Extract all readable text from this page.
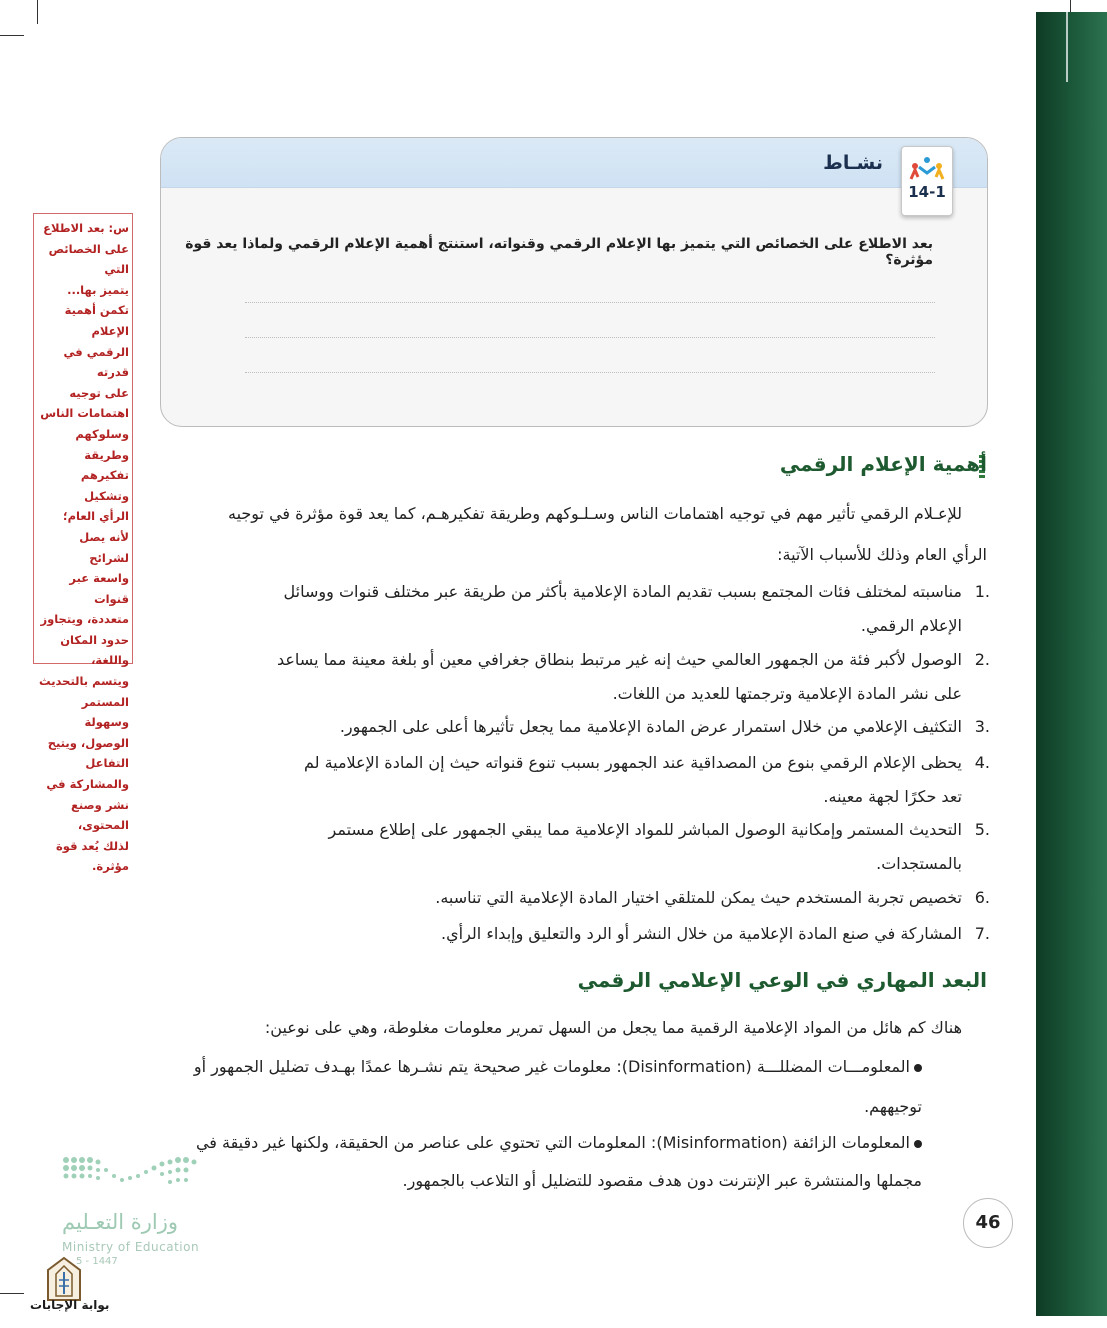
نشـاط
14-1
بعد الاطلاع على الخصائص التي يتميز بها الإعلام الرقمي وقنواته، استنتج أهمية الإعلام الرقمي ولماذا يعد قوة مؤثرة؟
س: بعد الاطلاع
على الخصائص التي
يتميز بها...
تكمن أهمية الإعلام
الرقمي في قدرته
على توجيه
اهتمامات الناس
وسلوكهم وطريقة
تفكيرهم وتشكيل
الرأي العام؛
لأنه يصل لشرائح
واسعة عبر قنوات
متعددة، ويتجاوز
حدود المكان واللغة،
ويتسم بالتحديث
المستمر وسهولة
الوصول، ويتيح
التفاعل والمشاركة في
نشر وصنع المحتوى،
لذلك يُعد قوة
مؤثرة.
أهمية الإعلام الرقمي
للإعـلام الرقمي تأثير مهم في توجيه اهتمامات الناس وسـلـوكهم وطريقة تفكيرهـم، كما يعد قوة مؤثرة في توجيه
الرأي العام وذلك للأسباب الآتية:
1.
مناسبته لمختلف فئات المجتمع بسبب تقديم المادة الإعلامية بأكثر من طريقة عبر مختلف قنوات ووسائل
الإعلام الرقمي.
2.
الوصول لأكبر فئة من الجمهور العالمي حيث إنه غير مرتبط بنطاق جغرافي معين أو بلغة معينة مما يساعد
على نشر المادة الإعلامية وترجمتها للعديد من اللغات.
3.
التكثيف الإعلامي من خلال استمرار عرض المادة الإعلامية مما يجعل تأثيرها أعلى على الجمهور.
4.
يحظى الإعلام الرقمي بنوع من المصداقية عند الجمهور بسبب تنوع قنواته حيث إن المادة الإعلامية لم
تعد حكرًا لجهة معينه.
5.
التحديث المستمر وإمكانية الوصول المباشر للمواد الإعلامية مما يبقي الجمهور على إطلاع مستمر
بالمستجدات.
6.
تخصيص تجربة المستخدم حيث يمكن للمتلقي اختيار المادة الإعلامية التي تناسبه.
7.
المشاركة في صنع المادة الإعلامية من خلال النشر أو الرد والتعليق وإبداء الرأي.
البعد المهاري في الوعي الإعلامي الرقمي
هناك كم هائل من المواد الإعلامية الرقمية مما يجعل من السهل تمرير معلومات مغلوطة، وهي على نوعين:
المعلومـــات المضللـــة (Disinformation): معلومات غير صحيحة يتم نشـرها عمدًا بهـدف تضليل الجمهور أو
توجيههم.
المعلومات الزائفة (Misinformation): المعلومات التي تحتوي على عناصر من الحقيقة، ولكنها غير دقيقة في
مجملها والمنتشرة عبر الإنترنت دون هدف مقصود للتضليل أو التلاعب بالجمهور.
46
وزارة التعـليم
Ministry of Education
5 - 1447
بوابة الإجابات
